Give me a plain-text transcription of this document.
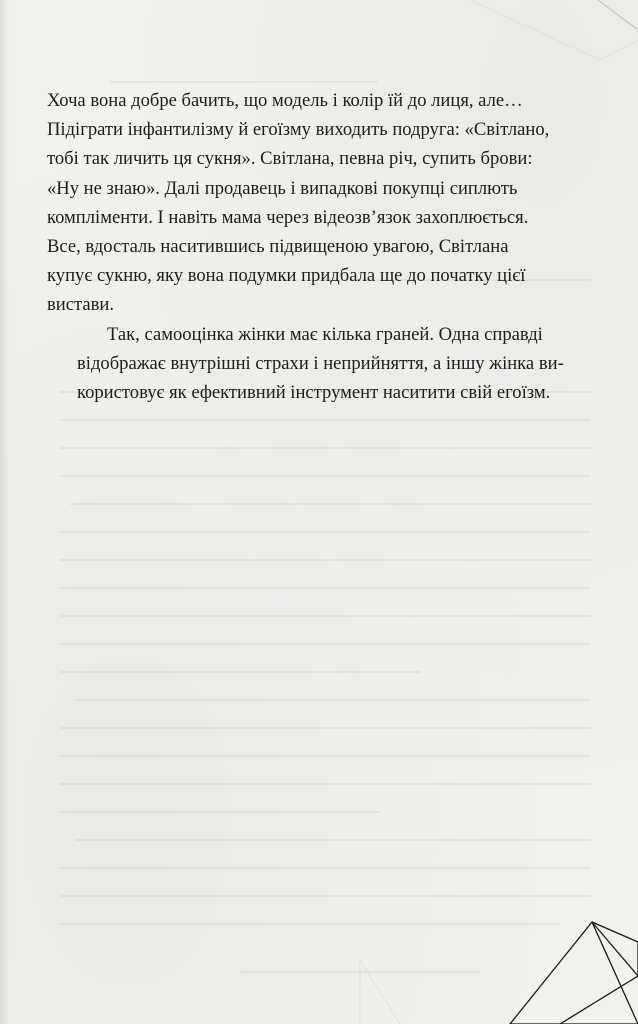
Хоча вона добре бачить, що модель і колір їй до лиця, але…
Підіграти інфантилізму й егоїзму виходить подруга: «Світлано,
тобі так личить ця сукня». Світлана, певна річ, супить брови:
«Ну не знаю». Далі продавець і випадкові покупці сиплють
компліменти. І навіть мама через відеозв’язок захоплюється.
Все, вдосталь наситившись підвищеною увагою, Світлана
купує сукню, яку вона подумки придбала ще до початку цієї
вистави.

Так, самооцінка жінки має кілька граней. Одна справді
відображає внутрішні страхи і неприйняття, а іншу жінка ви-
користовує як ефективний інструмент наситити свій егоїзм.
